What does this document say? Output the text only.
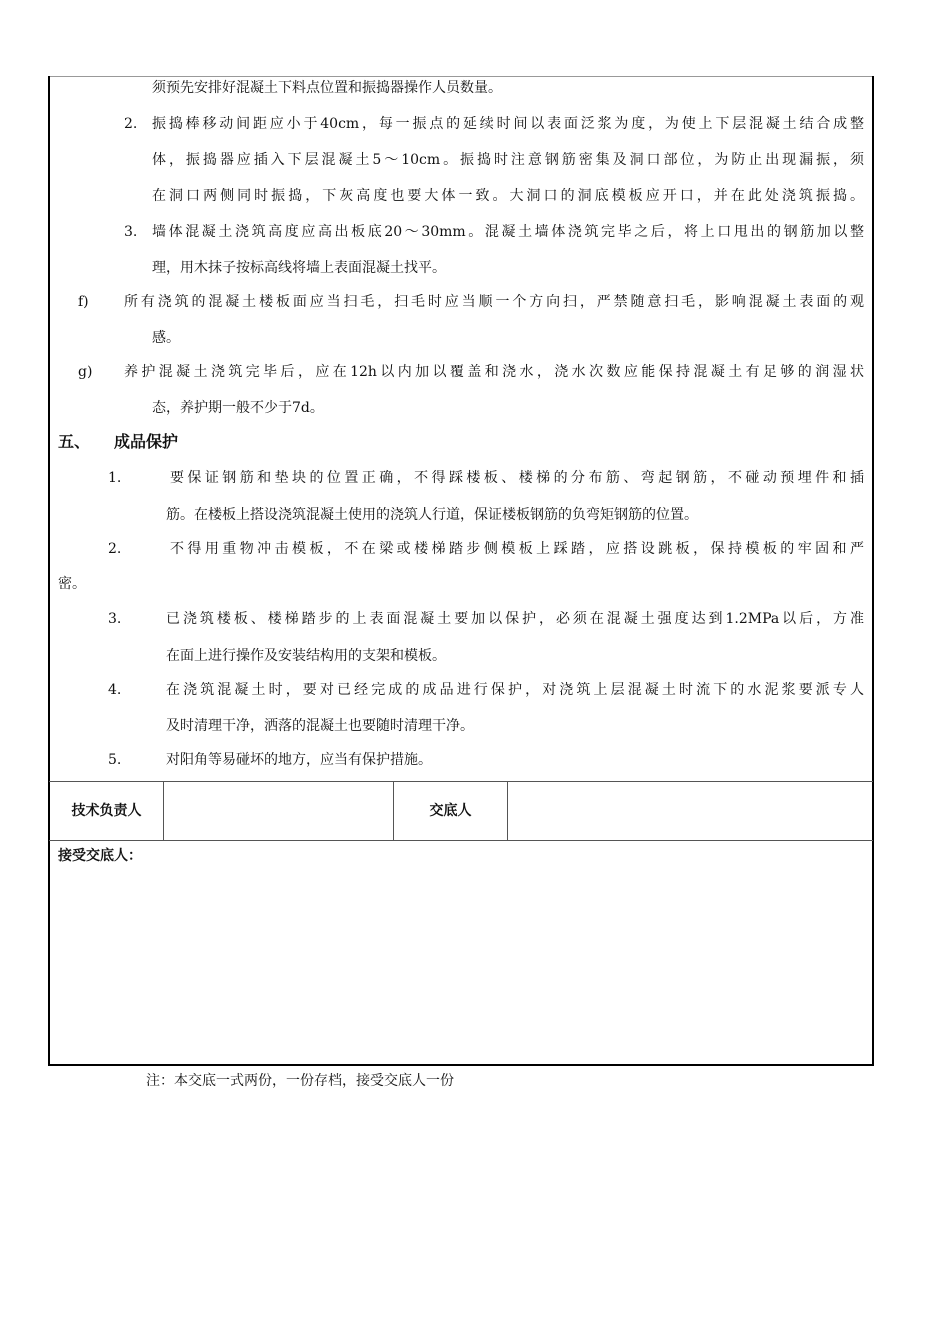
须预先安排好混凝土下料点位置和振捣器操作人员数量。
2. 振捣棒移动间距应小于40cm，每一振点的延续时间以表面泛浆为度，为使上下层混凝土结合成整
体，振捣器应插入下层混凝土5～10cm。振捣时注意钢筋密集及洞口部位，为防止出现漏振，须
在洞口两侧同时振捣，下灰高度也要大体一致。大洞口的洞底模板应开口，并在此处浇筑振捣。
3. 墙体混凝土浇筑高度应高出板底20～30mm。混凝土墙体浇筑完毕之后，将上口甩出的钢筋加以整
理，用木抹子按标高线将墙上表面混凝土找平。
f)	所有浇筑的混凝土楼板面应当扫毛，扫毛时应当顺一个方向扫，严禁随意扫毛，影响混凝土表面的观
感。
g) 养护混凝土浇筑完毕后，应在12h以内加以覆盖和浇水，浇水次数应能保持混凝土有足够的润湿状
态，养护期一般不少于7d。
五、 成品保护
1.	要保证钢筋和垫块的位置正确，不得踩楼板、楼梯的分布筋、弯起钢筋，不碰动预埋件和插
筋。在楼板上搭设浇筑混凝土使用的浇筑人行道，保证楼板钢筋的负弯矩钢筋的位置。
2.	不得用重物冲击模板，不在梁或楼梯踏步侧模板上踩踏，应搭设跳板，保持模板的牢固和严
密。
3.	已浇筑楼板、楼梯踏步的上表面混凝土要加以保护，必须在混凝土强度达到1.2MPa以后，方准
在面上进行操作及安装结构用的支架和模板。
4.	在浇筑混凝土时，要对已经完成的成品进行保护，对浇筑上层混凝土时流下的水泥浆要派专人
及时清理干净，洒落的混凝土也要随时清理干净。
5.	对阳角等易碰坏的地方，应当有保护措施。
技术负责人	交底人
接受交底人：
注：本交底一式两份，一份存档，接受交底人一份
